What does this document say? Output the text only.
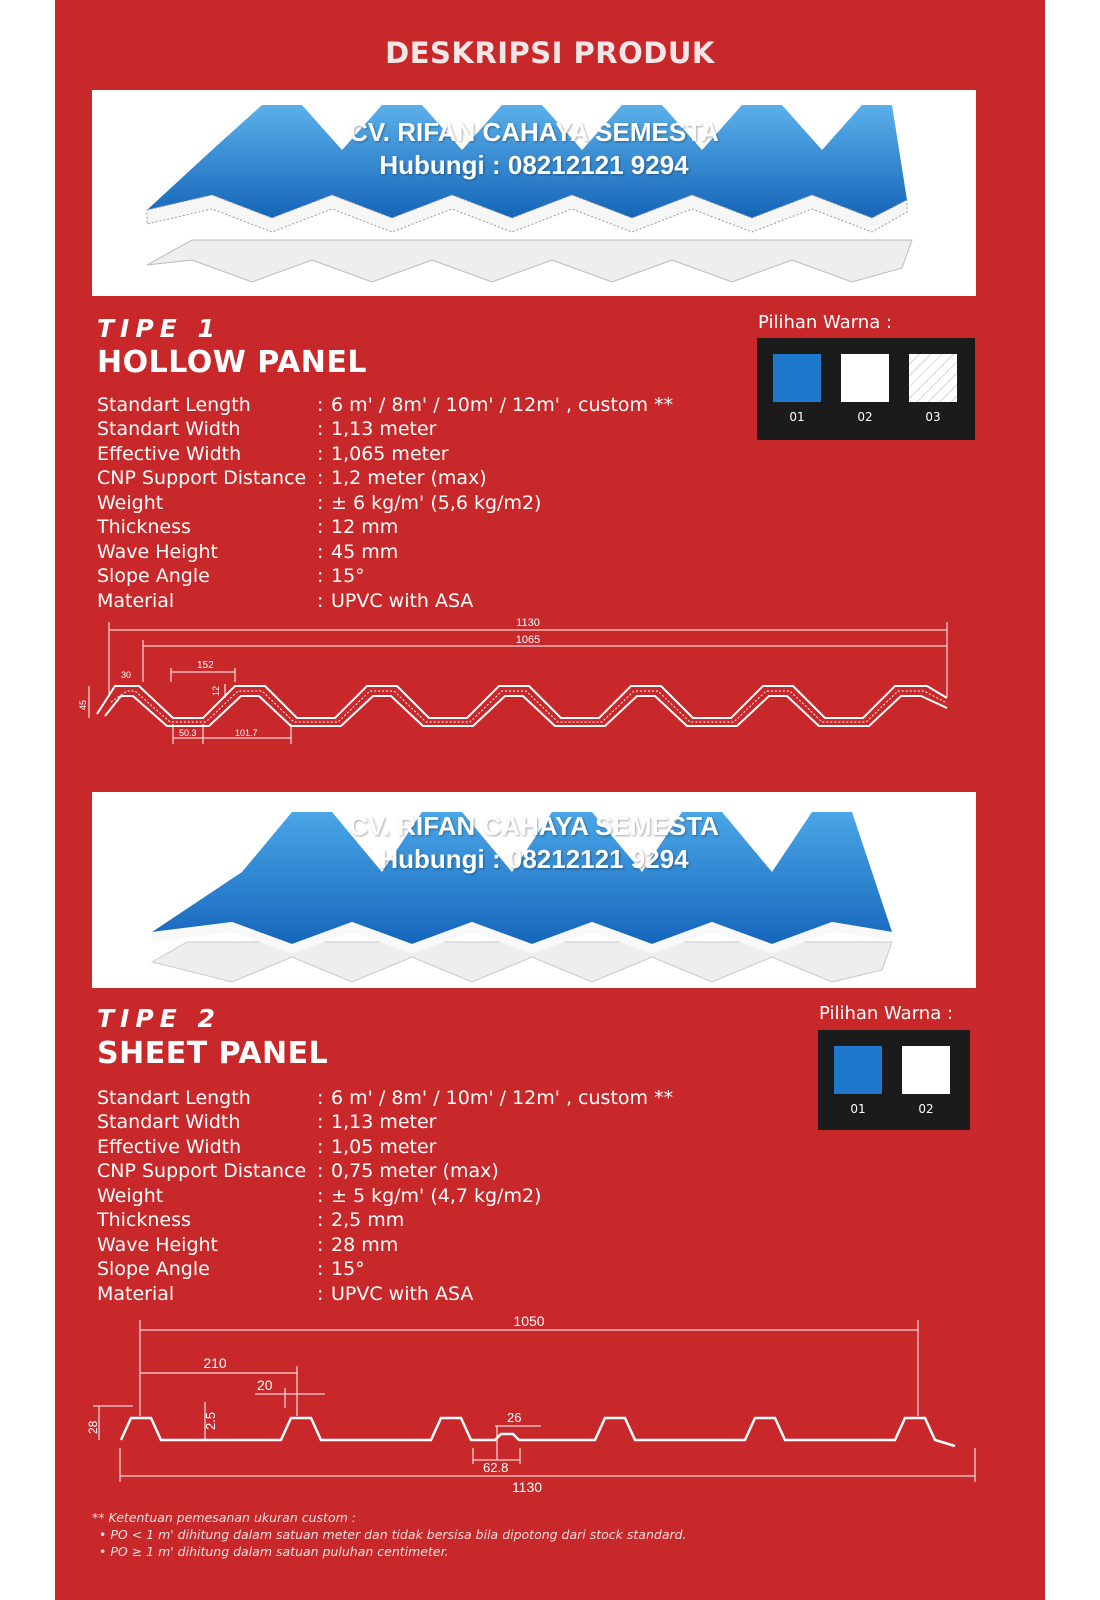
DESKRIPSI PRODUK
CV. RIFAN CAHAYA SEMESTA
Hubungi : 08212121 9294
TIPE 1
HOLLOW PANEL
Standart Length	: 6 m' / 8m' / 10m' / 12m' , custom **
Standart Width	: 1,13 meter
Effective Width	: 1,065 meter
CNP Support Distance : 1,2 meter (max)
Weight	: ± 6 kg/m' (5,6 kg/m2)
Thickness	: 12 mm
Wave Height	: 45 mm
Slope Angle	: 15°
Material	: UPVC with ASA
Pilihan Warna :
01	02	03
1130
1065
152
30
12
45
50.3	101.7
CV. RIFAN CAHAYA SEMESTA
Hubungi : 08212121 9294
TIPE 2
SHEET PANEL
Standart Length	: 6 m' / 8m' / 10m' / 12m' , custom **
Standart Width	: 1,13 meter
Effective Width	: 1,05 meter
CNP Support Distance : 0,75 meter (max)
Weight	: ± 5 kg/m' (4,7 kg/m2)
Thickness	: 2,5 mm
Wave Height	: 28 mm
Slope Angle	: 15°
Material	: UPVC with ASA
Pilihan Warna :
01	02
1050
210
20
2.5
28
26
62.8
1130
** Ketentuan pemesanan ukuran custom :
• PO < 1 m' dihitung dalam satuan meter dan tidak bersisa bila dipotong dari stock standard.
• PO ≥ 1 m' dihitung dalam satuan puluhan centimeter.
